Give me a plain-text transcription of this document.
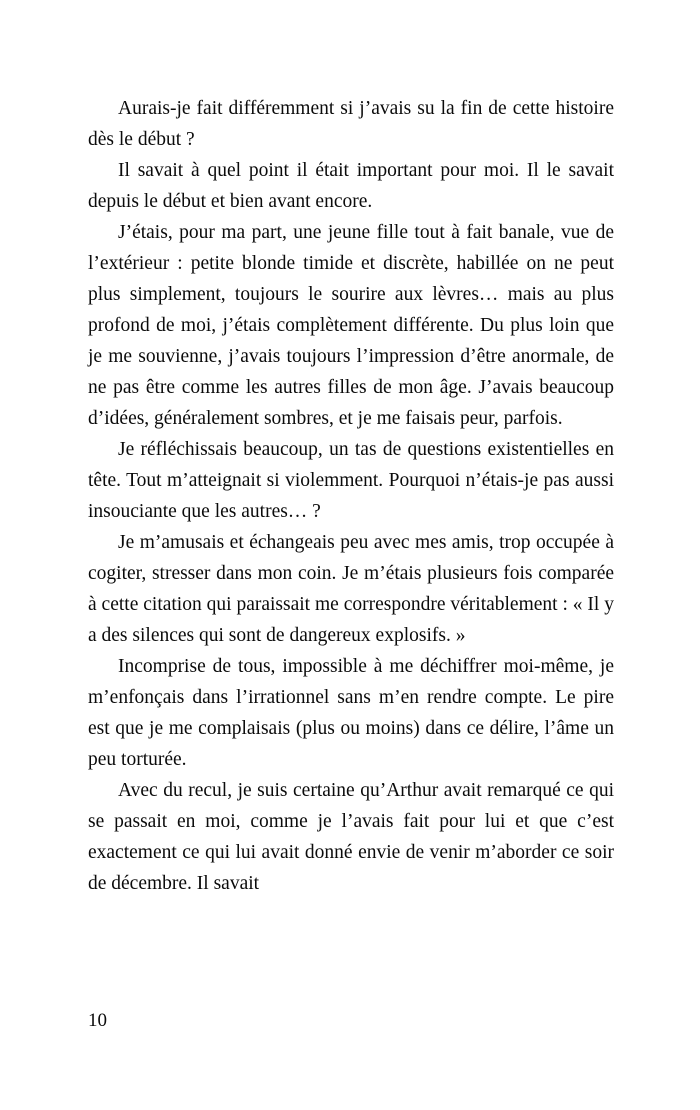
Aurais-je fait différemment si j’avais su la fin de cette histoire dès le début ?

Il savait à quel point il était important pour moi. Il le savait depuis le début et bien avant encore.

J’étais, pour ma part, une jeune fille tout à fait banale, vue de l’extérieur : petite blonde timide et discrète, habillée on ne peut plus simplement, toujours le sourire aux lèvres… mais au plus profond de moi, j’étais complètement différente. Du plus loin que je me souvienne, j’avais toujours l’impression d’être anormale, de ne pas être comme les autres filles de mon âge. J’avais beaucoup d’idées, généralement sombres, et je me faisais peur, parfois.

Je réfléchissais beaucoup, un tas de questions existentielles en tête. Tout m’atteignait si violemment. Pourquoi n’étais-je pas aussi insouciante que les autres… ?

Je m’amusais et échangeais peu avec mes amis, trop occupée à cogiter, stresser dans mon coin. Je m’étais plusieurs fois comparée à cette citation qui paraissait me correspondre véritablement : « Il y a des silences qui sont de dangereux explosifs. »

Incomprise de tous, impossible à me déchiffrer moi-même, je m’enfonçais dans l’irrationnel sans m’en rendre compte. Le pire est que je me complaisais (plus ou moins) dans ce délire, l’âme un peu torturée.

Avec du recul, je suis certaine qu’Arthur avait remarqué ce qui se passait en moi, comme je l’avais fait pour lui et que c’est exactement ce qui lui avait donné envie de venir m’aborder ce soir de décembre. Il savait

10
